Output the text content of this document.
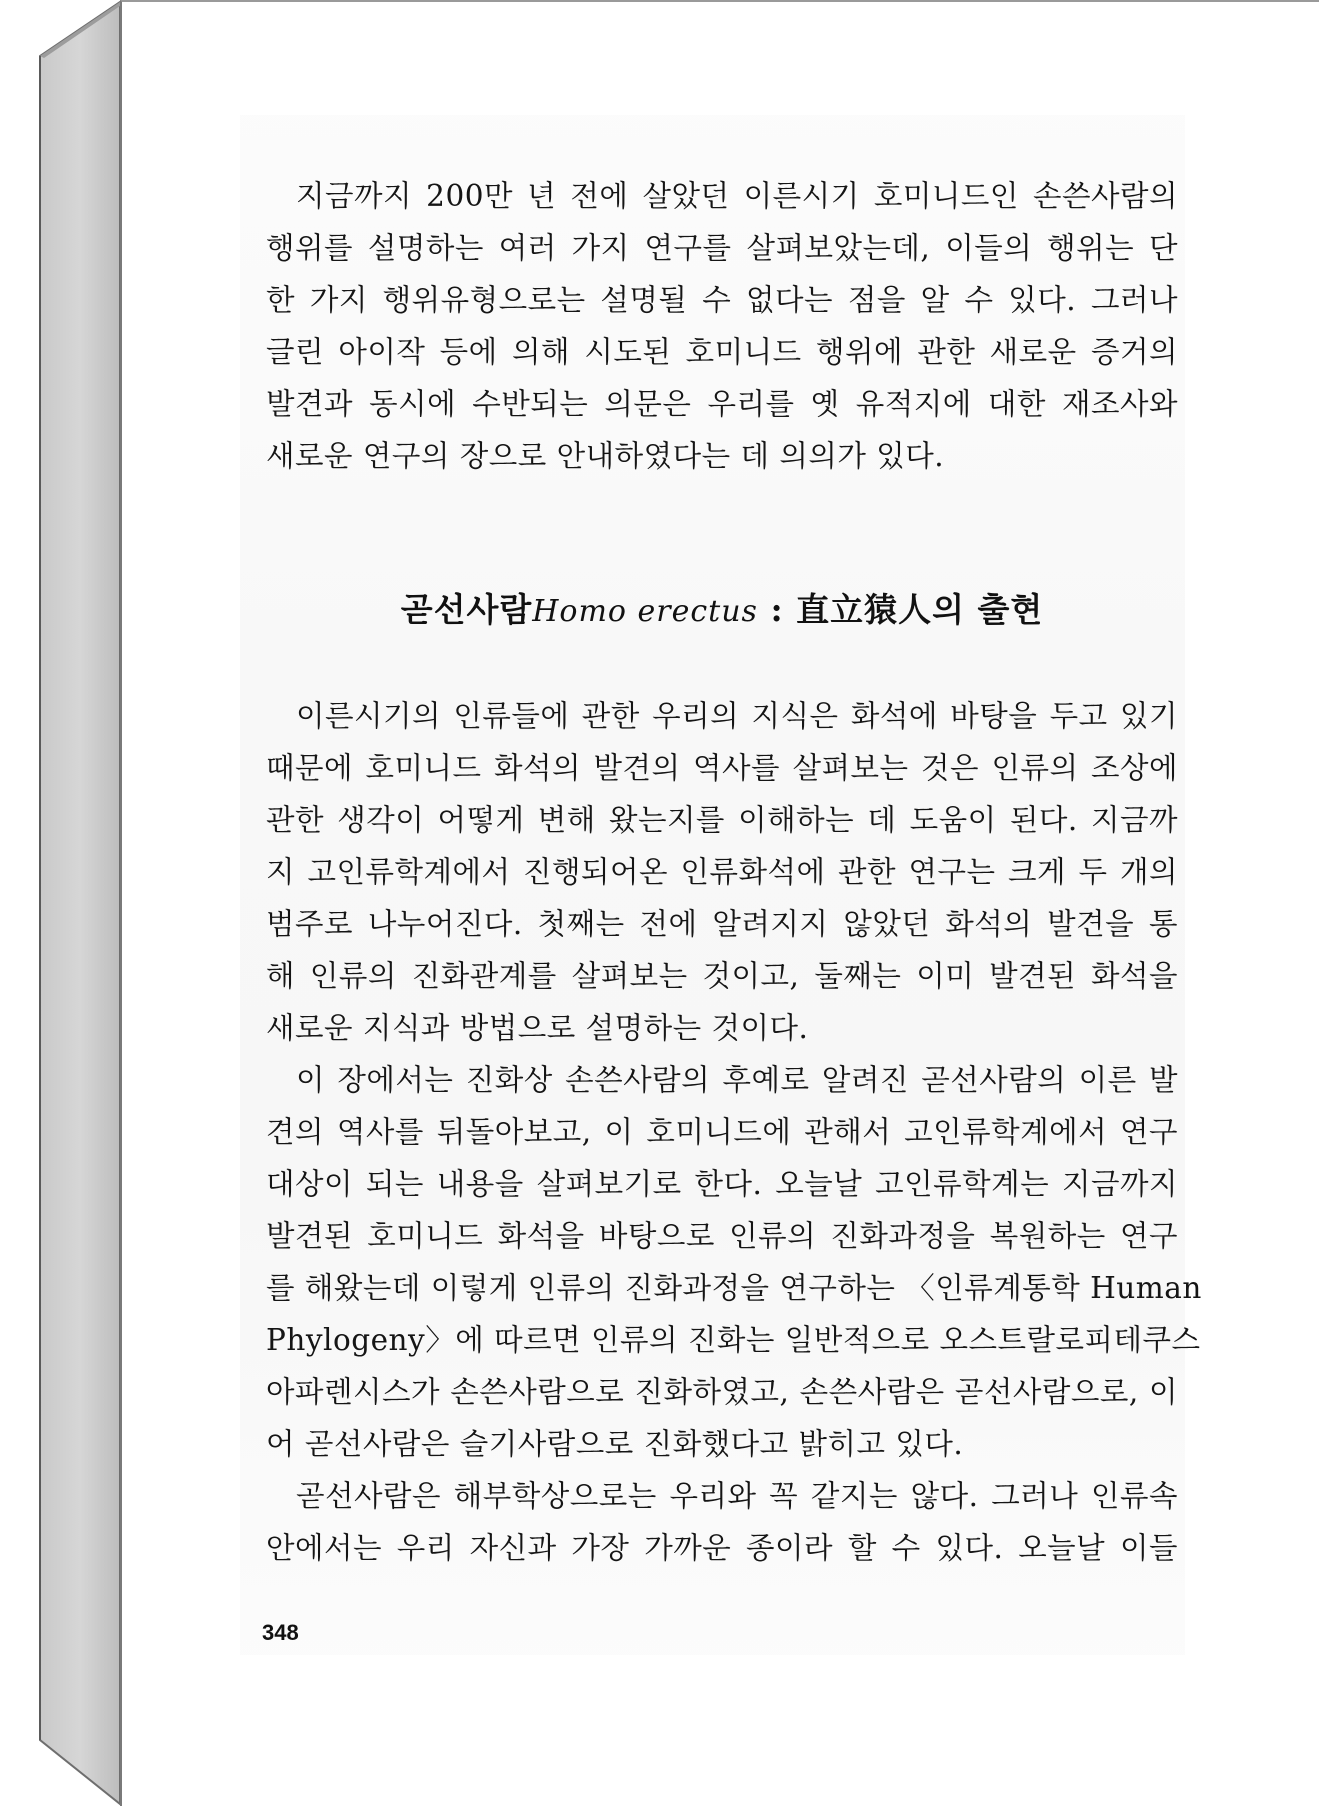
지금까지 200만 년 전에 살았던 이른시기 호미니드인 손쓴사람의
행위를 설명하는 여러 가지 연구를 살펴보았는데, 이들의 행위는 단
한 가지 행위유형으로는 설명될 수 없다는 점을 알 수 있다. 그러나
글린 아이작 등에 의해 시도된 호미니드 행위에 관한 새로운 증거의
발견과 동시에 수반되는 의문은 우리를 옛 유적지에 대한 재조사와
새로운 연구의 장으로 안내하였다는 데 의의가 있다.
곧선사람Homo erectus : 直立猿人의 출현
이른시기의 인류들에 관한 우리의 지식은 화석에 바탕을 두고 있기
때문에 호미니드 화석의 발견의 역사를 살펴보는 것은 인류의 조상에
관한 생각이 어떻게 변해 왔는지를 이해하는 데 도움이 된다. 지금까
지 고인류학계에서 진행되어온 인류화석에 관한 연구는 크게 두 개의
범주로 나누어진다. 첫째는 전에 알려지지 않았던 화석의 발견을 통
해 인류의 진화관계를 살펴보는 것이고, 둘째는 이미 발견된 화석을
새로운 지식과 방법으로 설명하는 것이다.
이 장에서는 진화상 손쓴사람의 후예로 알려진 곧선사람의 이른 발
견의 역사를 뒤돌아보고, 이 호미니드에 관해서 고인류학계에서 연구
대상이 되는 내용을 살펴보기로 한다. 오늘날 고인류학계는 지금까지
발견된 호미니드 화석을 바탕으로 인류의 진화과정을 복원하는 연구
를 해왔는데 이렇게 인류의 진화과정을 연구하는 〈인류계통학 Human
Phylogeny〉에 따르면 인류의 진화는 일반적으로 오스트랄로피테쿠스
아파렌시스가 손쓴사람으로 진화하였고, 손쓴사람은 곧선사람으로, 이
어 곧선사람은 슬기사람으로 진화했다고 밝히고 있다.
곧선사람은 해부학상으로는 우리와 꼭 같지는 않다. 그러나 인류속
안에서는 우리 자신과 가장 가까운 종이라 할 수 있다. 오늘날 이들
348
